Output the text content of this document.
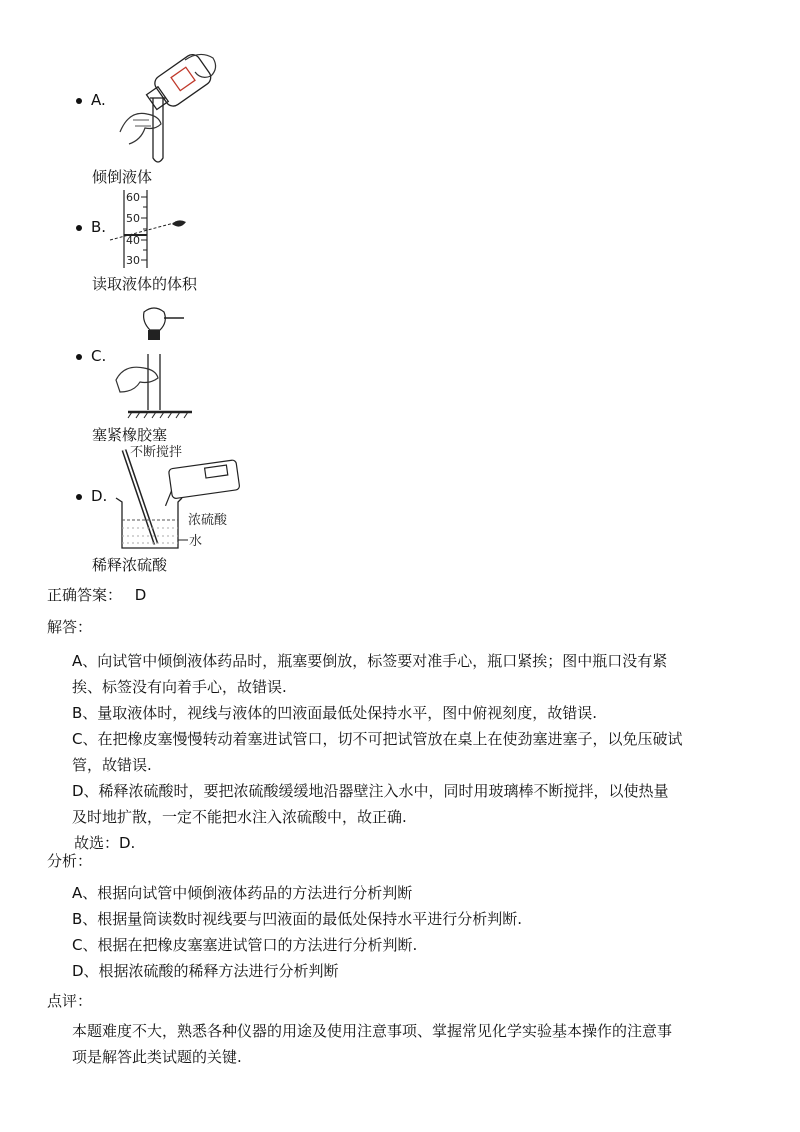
A.
倾倒液体
B.
60
50
40
30
读取液体的体积
C.
塞紧橡胶塞
D.
不断搅拌
浓硫酸
水
稀释浓硫酸
正确答案： D
解答：
A、向试管中倾倒液体药品时，瓶塞要倒放，标签要对准手心，瓶口紧挨；图中瓶口没有紧
挨、标签没有向着手心，故错误.
B、量取液体时，视线与液体的凹液面最低处保持水平，图中俯视刻度，故错误.
C、在把橡皮塞慢慢转动着塞进试管口，切不可把试管放在桌上在使劲塞进塞子，以免压破试
管，故错误.
D、稀释浓硫酸时，要把浓硫酸缓缓地沿器壁注入水中，同时用玻璃棒不断搅拌，以使热量
及时地扩散，一定不能把水注入浓硫酸中，故正确.
故选：D.
分析：
A、根据向试管中倾倒液体药品的方法进行分析判断
B、根据量筒读数时视线要与凹液面的最低处保持水平进行分析判断.
C、根据在把橡皮塞塞进试管口的方法进行分析判断.
D、根据浓硫酸的稀释方法进行分析判断
点评：
本题难度不大，熟悉各种仪器的用途及使用注意事项、掌握常见化学实验基本操作的注意事
项是解答此类试题的关键.
